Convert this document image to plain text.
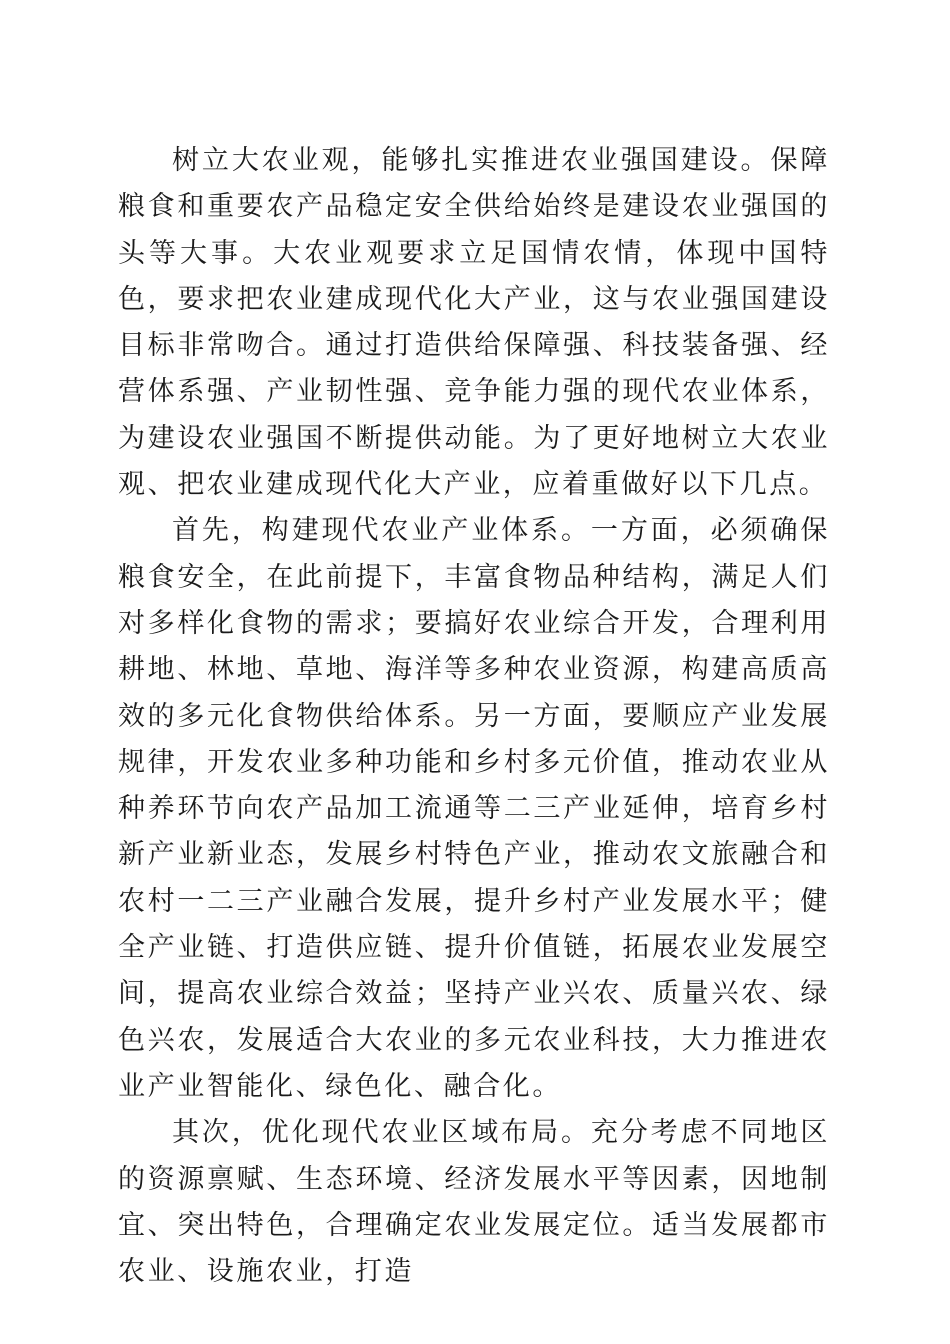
树立大农业观，能够扎实推进农业强国建设。保障粮食和重要农产品稳定安全供给始终是建设农业强国的头等大事。大农业观要求立足国情农情，体现中国特色，要求把农业建成现代化大产业，这与农业强国建设目标非常吻合。通过打造供给保障强、科技装备强、经营体系强、产业韧性强、竞争能力强的现代农业体系，为建设农业强国不断提供动能。为了更好地树立大农业观、把农业建成现代化大产业，应着重做好以下几点。

首先，构建现代农业产业体系。一方面，必须确保粮食安全，在此前提下，丰富食物品种结构，满足人们对多样化食物的需求；要搞好农业综合开发，合理利用耕地、林地、草地、海洋等多种农业资源，构建高质高效的多元化食物供给体系。另一方面，要顺应产业发展规律，开发农业多种功能和乡村多元价值，推动农业从种养环节向农产品加工流通等二三产业延伸，培育乡村新产业新业态，发展乡村特色产业，推动农文旅融合和农村一二三产业融合发展，提升乡村产业发展水平；健全产业链、打造供应链、提升价值链，拓展农业发展空间，提高农业综合效益；坚持产业兴农、质量兴农、绿色兴农，发展适合大农业的多元农业科技，大力推进农业产业智能化、绿色化、融合化。

其次，优化现代农业区域布局。充分考虑不同地区的资源禀赋、生态环境、经济发展水平等因素，因地制宜、突出特色，合理确定农业发展定位。适当发展都市农业、设施农业，打造
